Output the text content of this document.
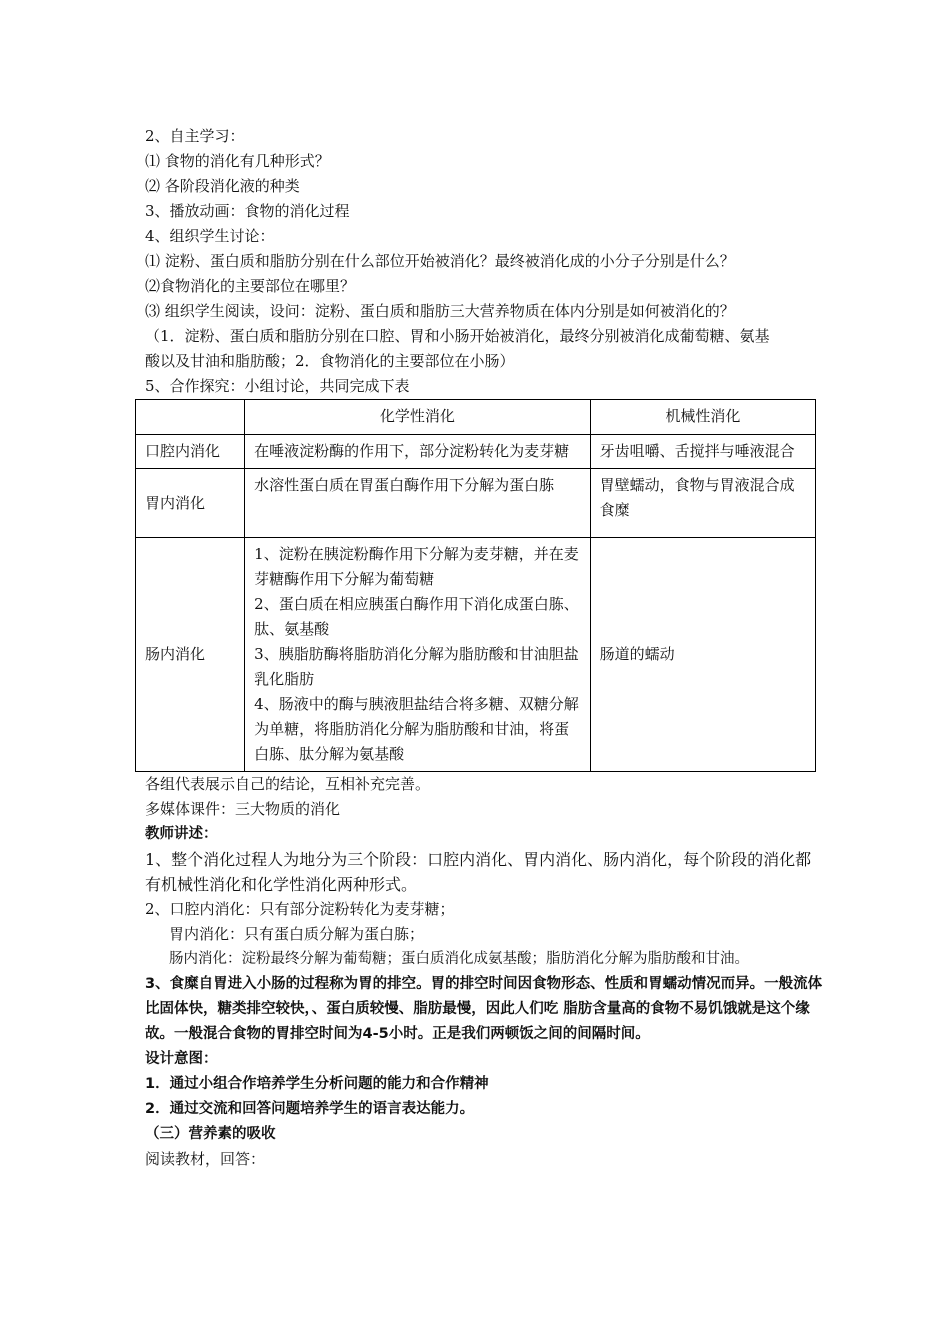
2、自主学习：
⑴ 食物的消化有几种形式？
⑵ 各阶段消化液的种类
3、播放动画：食物的消化过程
4、组织学生讨论：
⑴ 淀粉、蛋白质和脂肪分别在什么部位开始被消化？最终被消化成的小分子分别是什么？
⑵食物消化的主要部位在哪里？
⑶ 组织学生阅读，设问：淀粉、蛋白质和脂肪三大营养物质在体内分别是如何被消化的？
（1．淀粉、蛋白质和脂肪分别在口腔、胃和小肠开始被消化，最终分别被消化成葡萄糖、氨基
酸以及甘油和脂肪酸；2．食物消化的主要部位在小肠）
5、合作探究：小组讨论，共同完成下表
	化学性消化	机械性消化
口腔内消化	在唾液淀粉酶的作用下，部分淀粉转化为麦芽糖	牙齿咀嚼、舌搅拌与唾液混合
胃内消化	水溶性蛋白质在胃蛋白酶作用下分解为蛋白胨	胃壁蠕动，食物与胃液混合成食糜
肠内消化	1、淀粉在胰淀粉酶作用下分解为麦芽糖，并在麦芽糖酶作用下分解为葡萄糖
2、蛋白质在相应胰蛋白酶作用下消化成蛋白胨、肽、氨基酸
3、胰脂肪酶将脂肪消化分解为脂肪酸和甘油胆盐乳化脂肪
4、肠液中的酶与胰液胆盐结合将多糖、双糖分解为单糖，将脂肪消化分解为脂肪酸和甘油，将蛋白胨、肽分解为氨基酸	肠道的蠕动
各组代表展示自己的结论，互相补充完善。
多媒体课件：三大物质的消化
教师讲述：
1、整个消化过程人为地分为三个阶段：口腔内消化、胃内消化、肠内消化，每个阶段的消化都有机械性消化和化学性消化两种形式。
2、口腔内消化：只有部分淀粉转化为麦芽糖；
胃内消化：只有蛋白质分解为蛋白胨；
肠内消化：淀粉最终分解为葡萄糖；蛋白质消化成氨基酸；脂肪消化分解为脂肪酸和甘油。
3、食糜自胃进入小肠的过程称为胃的排空。胃的排空时间因食物形态、性质和胃蠕动情况而异。一般流体比固体快，糖类排空较快，、蛋白质较慢、脂肪最慢，因此人们吃 脂肪含量高的食物不易饥饿就是这个缘故。一般混合食物的胃排空时间为4-5小时。正是我们两顿饭之间的间隔时间。
设计意图：
1．通过小组合作培养学生分析问题的能力和合作精神
2．通过交流和回答问题培养学生的语言表达能力。
（三）营养素的吸收
阅读教材，回答：
